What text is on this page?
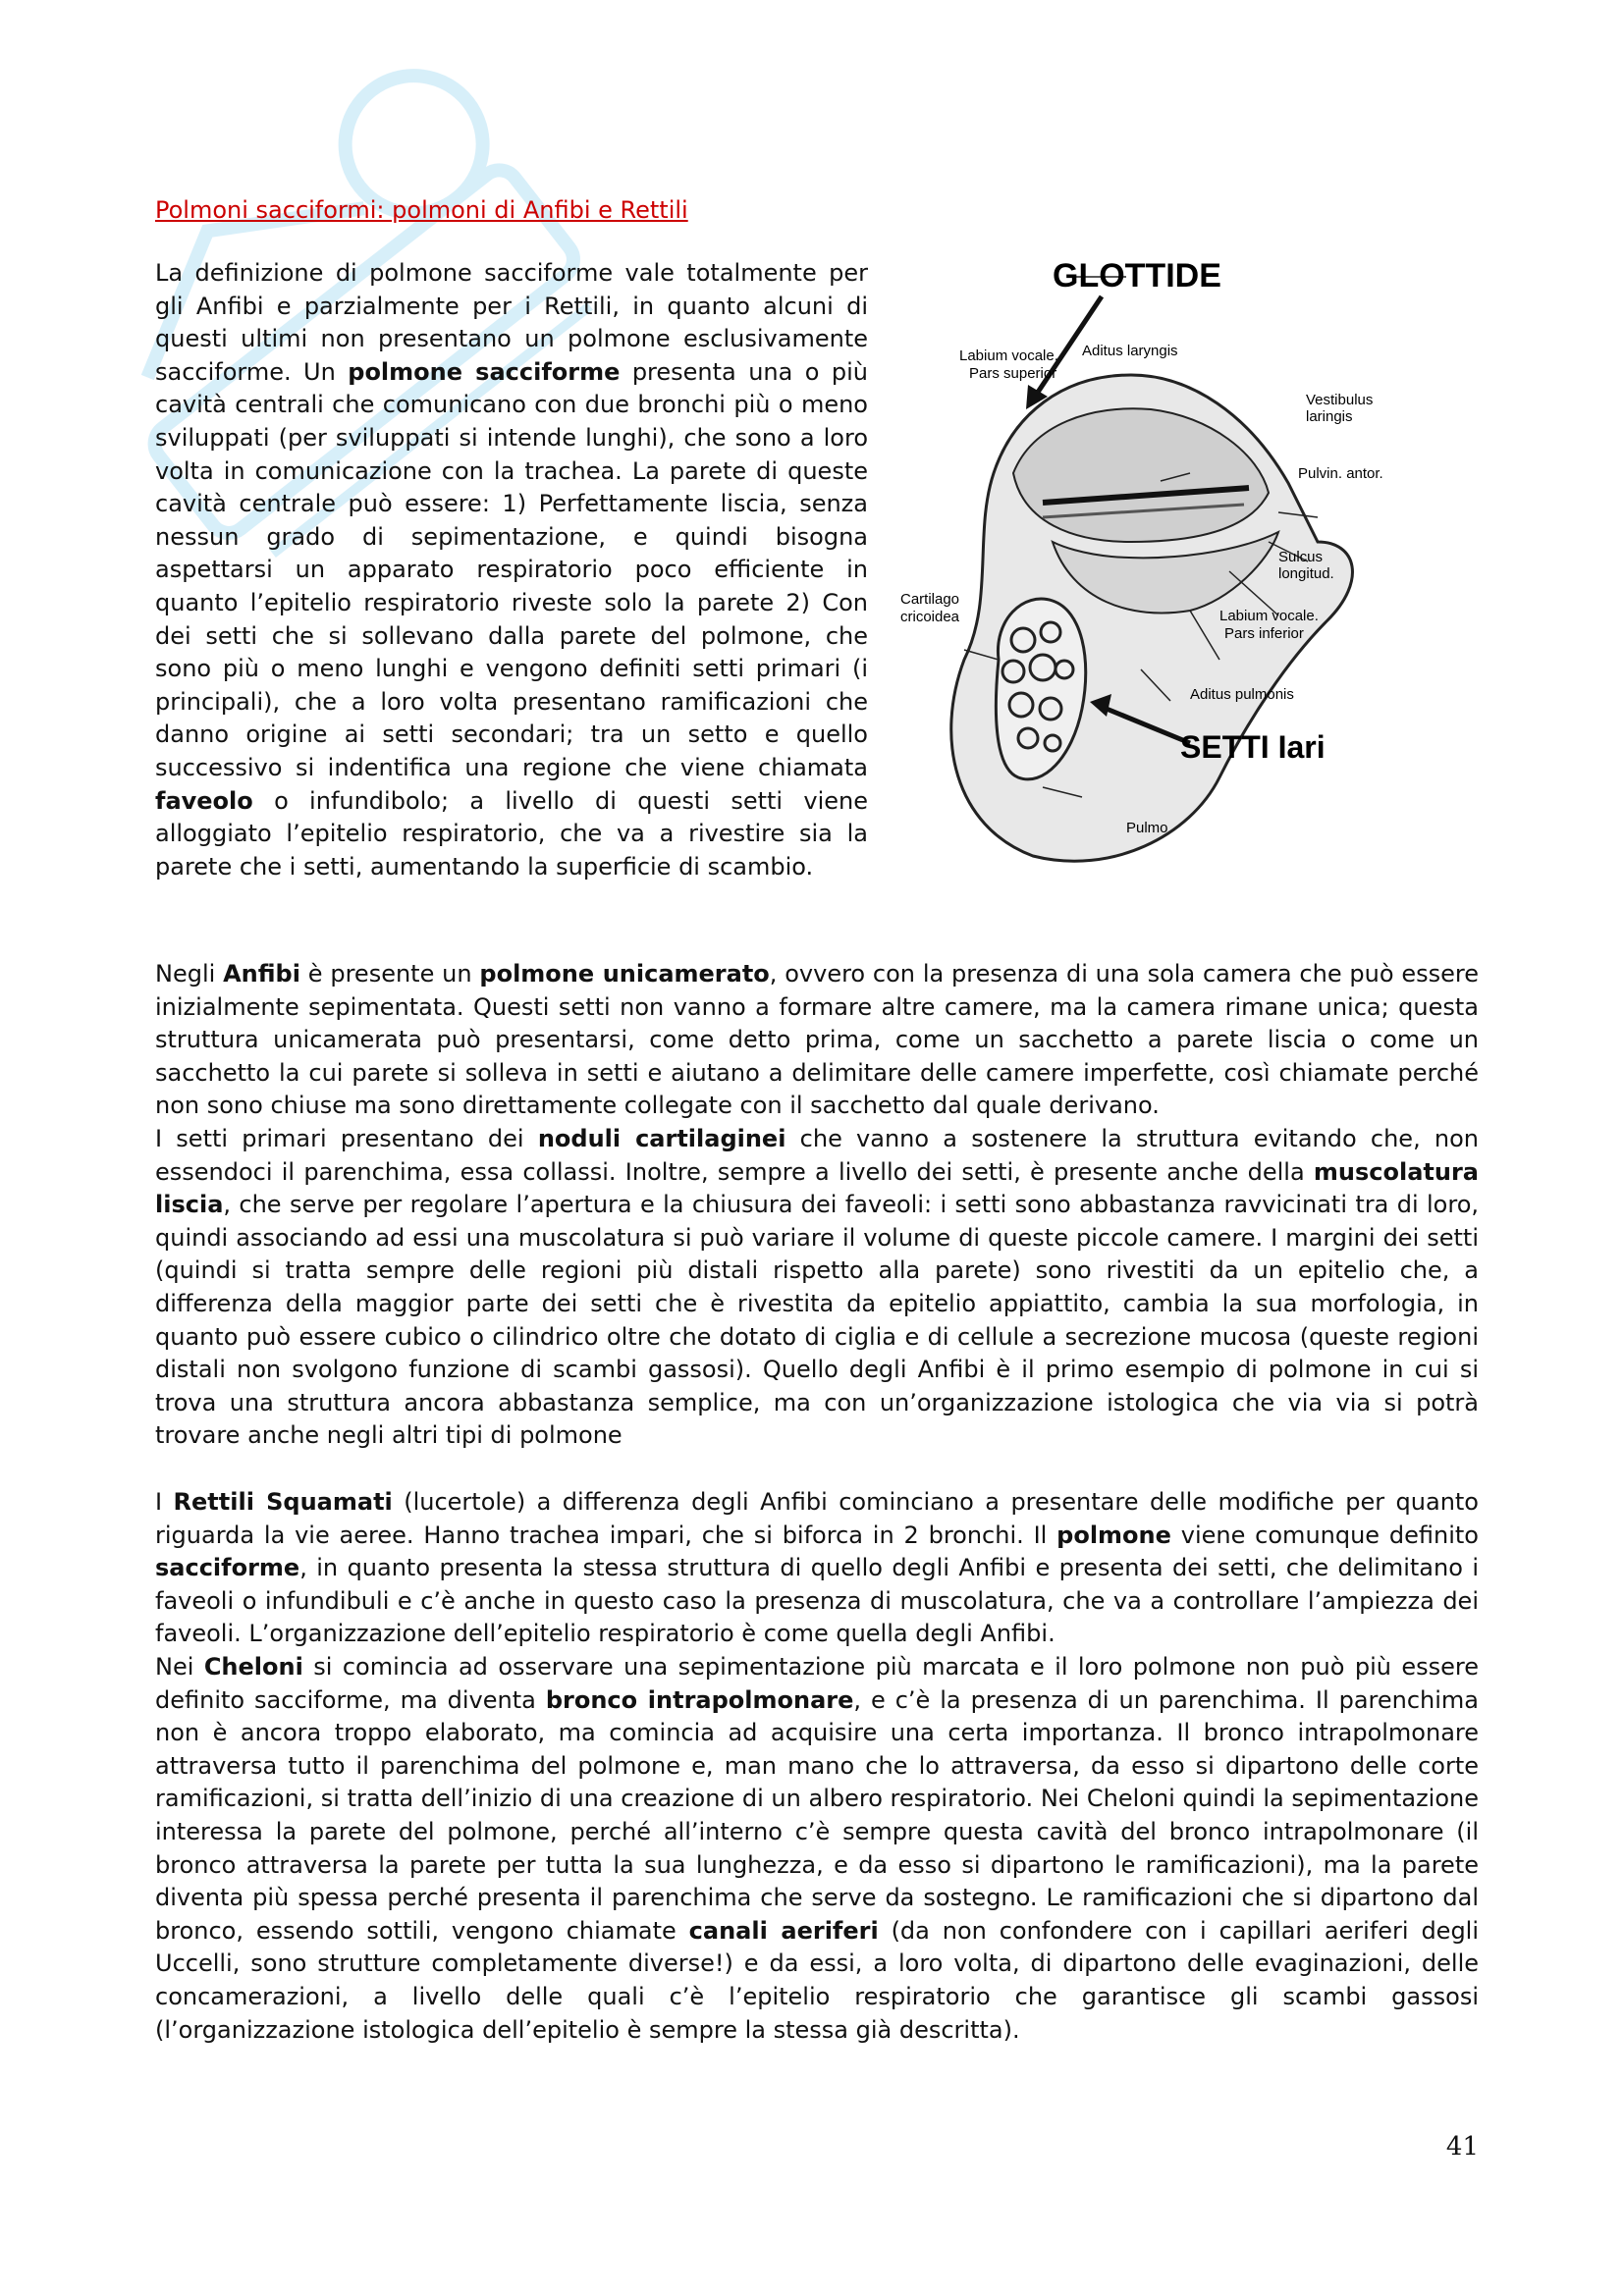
Polmoni sacciformi: polmoni di Anfibi e Rettili
La definizione di polmone sacciforme vale totalmente per gli Anfibi e parzialmente per i Rettili, in quanto alcuni di questi ultimi non presentano un polmone esclusivamente sacciforme. Un polmone sacciforme presenta una o più cavità centrali che comunicano con due bronchi più o meno sviluppati (per sviluppati si intende lunghi), che sono a loro volta in comunicazione con la trachea. La parete di queste cavità centrale può essere: 1) Perfettamente liscia, senza nessun grado di sepimentazione, e quindi bisogna aspettarsi un apparato respiratorio poco efficiente in quanto l’epitelio respiratorio riveste solo la parete 2) Con dei setti che si sollevano dalla parete del polmone, che sono più o meno lunghi e vengono definiti setti primari (i principali), che a loro volta presentano ramificazioni che danno origine ai setti secondari; tra un setto e quello successivo si indentifica una regione che viene chiamata faveolo o infundibolo; a livello di questi setti viene alloggiato l’epitelio respiratorio, che va a rivestire sia la parete che i setti, aumentando la superficie di scambio.
GLOTTIDE
SETTI Iari
Labium vocale.
Pars superior
Aditus laryngis
Vestibulus
laringis
Pulvin. antor.
Sulcus
longitud.
Cartilago
cricoidea	Labium vocale.
Pars inferior
Aditus pulmonis
Pulmo

Negli Anfibi è presente un polmone unicamerato, ovvero con la presenza di una sola camera che può essere inizialmente sepimentata. Questi setti non vanno a formare altre camere, ma la camera rimane unica; questa struttura unicamerata può presentarsi, come detto prima, come un sacchetto a parete liscia o come un sacchetto la cui parete si solleva in setti e aiutano a delimitare delle camere imperfette, così chiamate perché non sono chiuse ma sono direttamente collegate con il sacchetto dal quale derivano.

I setti primari presentano dei noduli cartilaginei che vanno a sostenere la struttura evitando che, non essendoci il parenchima, essa collassi. Inoltre, sempre a livello dei setti, è presente anche della muscolatura liscia, che serve per regolare l’apertura e la chiusura dei faveoli: i setti sono abbastanza ravvicinati tra di loro, quindi associando ad essi una muscolatura si può variare il volume di queste piccole camere. I margini dei setti (quindi si tratta sempre delle regioni più distali rispetto alla parete) sono rivestiti da un epitelio che, a differenza della maggior parte dei setti che è rivestita da epitelio appiattito, cambia la sua morfologia, in quanto può essere cubico o cilindrico oltre che dotato di ciglia e di cellule a secrezione mucosa (queste regioni distali non svolgono funzione di scambi gassosi). Quello degli Anfibi è il primo esempio di polmone in cui si trova una struttura ancora abbastanza semplice, ma con un’organizzazione istologica che via via si potrà trovare anche negli altri tipi di polmone

I Rettili Squamati (lucertole) a differenza degli Anfibi cominciano a presentare delle modifiche per quanto riguarda la vie aeree. Hanno trachea impari, che si biforca in 2 bronchi. Il polmone viene comunque definito sacciforme, in quanto presenta la stessa struttura di quello degli Anfibi e presenta dei setti, che delimitano i faveoli o infundibuli e c’è anche in questo caso la presenza di muscolatura, che va a controllare l’ampiezza dei faveoli. L’organizzazione dell’epitelio respiratorio è come quella degli Anfibi.
Nei Cheloni si comincia ad osservare una sepimentazione più marcata e il loro polmone non può più essere definito sacciforme, ma diventa bronco intrapolmonare, e c’è la presenza di un parenchima. Il parenchima non è ancora troppo elaborato, ma comincia ad acquisire una certa importanza. Il bronco intrapolmonare attraversa tutto il parenchima del polmone e, man mano che lo attraversa, da esso si dipartono delle corte ramificazioni, si tratta dell’inizio di una creazione di un albero respiratorio. Nei Cheloni quindi la sepimentazione interessa la parete del polmone, perché all’interno c’è sempre questa cavità del bronco intrapolmonare (il bronco attraversa la parete per tutta la sua lunghezza, e da esso si dipartono le ramificazioni), ma la parete diventa più spessa perché presenta il parenchima che serve da sostegno. Le ramificazioni che si dipartono dal bronco, essendo sottili, vengono chiamate canali aeriferi (da non confondere con i capillari aeriferi degli Uccelli, sono strutture completamente diverse!) e da essi, a loro volta, di dipartono delle evaginazioni, delle concamerazioni, a livello delle quali c’è l’epitelio respiratorio che garantisce gli scambi gassosi (l’organizzazione istologica dell’epitelio è sempre la stessa già descritta).
41
